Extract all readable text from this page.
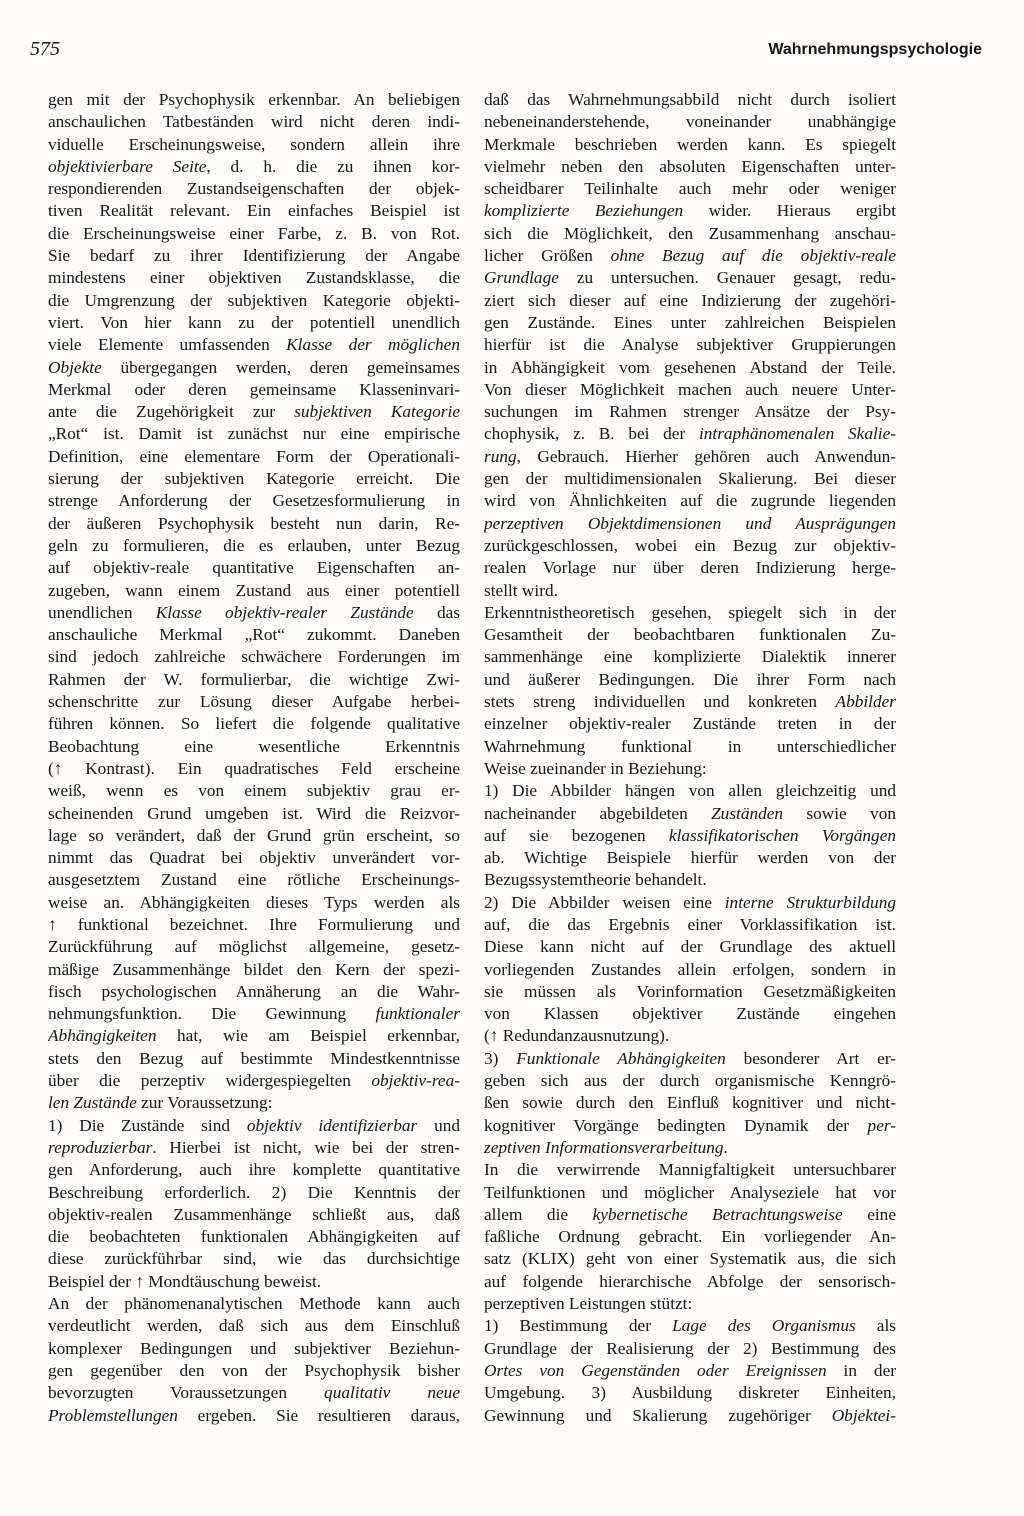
575	Wahrnehmungspsychologie
gen mit der Psychophysik erkennbar. An beliebigen
anschaulichen Tatbeständen wird nicht deren indi-
viduelle Erscheinungsweise, sondern allein ihre
objektivierbare Seite, d. h. die zu ihnen kor-
respondierenden Zustandseigenschaften der objek-
tiven Realität relevant. Ein einfaches Beispiel ist
die Erscheinungsweise einer Farbe, z. B. von Rot.
Sie bedarf zu ihrer Identifizierung der Angabe
mindestens einer objektiven Zustandsklasse, die
die Umgrenzung der subjektiven Kategorie objekti-
viert. Von hier kann zu der potentiell unendlich
viele Elemente umfassenden Klasse der möglichen
Objekte übergegangen werden, deren gemeinsames
Merkmal oder deren gemeinsame Klasseninvari-
ante die Zugehörigkeit zur subjektiven Kategorie
„Rot“ ist. Damit ist zunächst nur eine empirische
Definition, eine elementare Form der Operationali-
sierung der subjektiven Kategorie erreicht. Die
strenge Anforderung der Gesetzesformulierung in
der äußeren Psychophysik besteht nun darin, Re-
geln zu formulieren, die es erlauben, unter Bezug
auf objektiv-reale quantitative Eigenschaften an-
zugeben, wann einem Zustand aus einer potentiell
unendlichen Klasse objektiv-realer Zustände das
anschauliche Merkmal „Rot“ zukommt. Daneben
sind jedoch zahlreiche schwächere Forderungen im
Rahmen der W. formulierbar, die wichtige Zwi-
schenschritte zur Lösung dieser Aufgabe herbei-
führen können. So liefert die folgende qualitative
Beobachtung eine wesentliche Erkenntnis
(↑ Kontrast). Ein quadratisches Feld erscheine
weiß, wenn es von einem subjektiv grau er-
scheinenden Grund umgeben ist. Wird die Reizvor-
lage so verändert, daß der Grund grün erscheint, so
nimmt das Quadrat bei objektiv unverändert vor-
ausgesetztem Zustand eine rötliche Erscheinungs-
weise an. Abhängigkeiten dieses Typs werden als
↑ funktional bezeichnet. Ihre Formulierung und
Zurückführung auf möglichst allgemeine, gesetz-
mäßige Zusammenhänge bildet den Kern der spezi-
fisch psychologischen Annäherung an die Wahr-
nehmungsfunktion. Die Gewinnung funktionaler
Abhängigkeiten hat, wie am Beispiel erkennbar,
stets den Bezug auf bestimmte Mindestkenntnisse
über die perzeptiv widergespiegelten objektiv-rea-
len Zustände zur Voraussetzung:
1) Die Zustände sind objektiv identifizierbar und
reproduzierbar. Hierbei ist nicht, wie bei der stren-
gen Anforderung, auch ihre komplette quantitative
Beschreibung erforderlich. 2) Die Kenntnis der
objektiv-realen Zusammenhänge schließt aus, daß
die beobachteten funktionalen Abhängigkeiten auf
diese zurückführbar sind, wie das durchsichtige
Beispiel der ↑ Mondtäuschung beweist.
An der phänomenanalytischen Methode kann auch
verdeutlicht werden, daß sich aus dem Einschluß
komplexer Bedingungen und subjektiver Beziehun-
gen gegenüber den von der Psychophysik bisher
bevorzugten Voraussetzungen qualitativ neue
Problemstellungen ergeben. Sie resultieren daraus,
daß das Wahrnehmungsabbild nicht durch isoliert
nebeneinanderstehende, voneinander unabhängige
Merkmale beschrieben werden kann. Es spiegelt
vielmehr neben den absoluten Eigenschaften unter-
scheidbarer Teilinhalte auch mehr oder weniger
komplizierte Beziehungen wider. Hieraus ergibt
sich die Möglichkeit, den Zusammenhang anschau-
licher Größen ohne Bezug auf die objektiv-reale
Grundlage zu untersuchen. Genauer gesagt, redu-
ziert sich dieser auf eine Indizierung der zugehöri-
gen Zustände. Eines unter zahlreichen Beispielen
hierfür ist die Analyse subjektiver Gruppierungen
in Abhängigkeit vom gesehenen Abstand der Teile.
Von dieser Möglichkeit machen auch neuere Unter-
suchungen im Rahmen strenger Ansätze der Psy-
chophysik, z. B. bei der intraphänomenalen Skalie-
rung, Gebrauch. Hierher gehören auch Anwendun-
gen der multidimensionalen Skalierung. Bei dieser
wird von Ähnlichkeiten auf die zugrunde liegenden
perzeptiven Objektdimensionen und Ausprägungen
zurückgeschlossen, wobei ein Bezug zur objektiv-
realen Vorlage nur über deren Indizierung herge-
stellt wird.
Erkenntnistheoretisch gesehen, spiegelt sich in der
Gesamtheit der beobachtbaren funktionalen Zu-
sammenhänge eine komplizierte Dialektik innerer
und äußerer Bedingungen. Die ihrer Form nach
stets streng individuellen und konkreten Abbilder
einzelner objektiv-realer Zustände treten in der
Wahrnehmung funktional in unterschiedlicher
Weise zueinander in Beziehung:
1) Die Abbilder hängen von allen gleichzeitig und
nacheinander abgebildeten Zuständen sowie von
auf sie bezogenen klassifikatorischen Vorgängen
ab. Wichtige Beispiele hierfür werden von der
Bezugssystemtheorie behandelt.
2) Die Abbilder weisen eine interne Strukturbildung
auf, die das Ergebnis einer Vorklassifikation ist.
Diese kann nicht auf der Grundlage des aktuell
vorliegenden Zustandes allein erfolgen, sondern in
sie müssen als Vorinformation Gesetzmäßigkeiten
von Klassen objektiver Zustände eingehen
(↑ Redundanzausnutzung).
3) Funktionale Abhängigkeiten besonderer Art er-
geben sich aus der durch organismische Kenngrö-
ßen sowie durch den Einfluß kognitiver und nicht-
kognitiver Vorgänge bedingten Dynamik der per-
zeptiven Informationsverarbeitung.
In die verwirrende Mannigfaltigkeit untersuchbarer
Teilfunktionen und möglicher Analyseziele hat vor
allem die kybernetische Betrachtungsweise eine
faßliche Ordnung gebracht. Ein vorliegender An-
satz (KLIX) geht von einer Systematik aus, die sich
auf folgende hierarchische Abfolge der sensorisch-
perzeptiven Leistungen stützt:
1) Bestimmung der Lage des Organismus als
Grundlage der Realisierung der 2) Bestimmung des
Ortes von Gegenständen oder Ereignissen in der
Umgebung. 3) Ausbildung diskreter Einheiten,
Gewinnung und Skalierung zugehöriger Objektei-
